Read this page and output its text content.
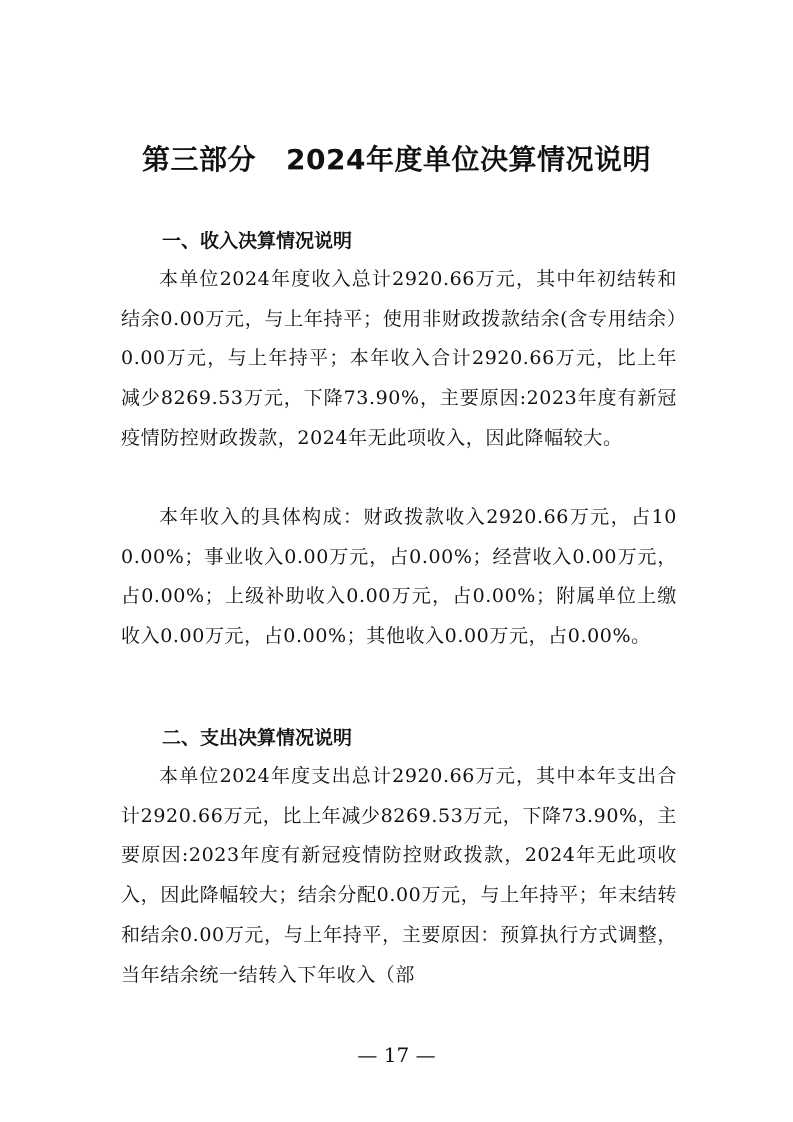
第三部分 2024年度单位决算情况说明
一、收入决算情况说明
本单位2024年度收入总计2920.66万元，其中年初结转和结余0.00万元，与上年持平；使用非财政拨款结余(含专用结余）0.00万元，与上年持平；本年收入合计2920.66万元，比上年减少8269.53万元，下降73.90%，主要原因:2023年度有新冠疫情防控财政拨款，2024年无此项收入，因此降幅较大。
本年收入的具体构成：财政拨款收入2920.66万元，占100.00%；事业收入0.00万元，占0.00%；经营收入0.00万元，占0.00%；上级补助收入0.00万元，占0.00%；附属单位上缴收入0.00万元，占0.00%；其他收入0.00万元，占0.00%。
二、支出决算情况说明
本单位2024年度支出总计2920.66万元，其中本年支出合计2920.66万元，比上年减少8269.53万元，下降73.90%，主要原因:2023年度有新冠疫情防控财政拨款，2024年无此项收入，因此降幅较大；结余分配0.00万元，与上年持平；年末结转和结余0.00万元，与上年持平，主要原因：预算执行方式调整，当年结余统一结转入下年收入（部
— 17 —
